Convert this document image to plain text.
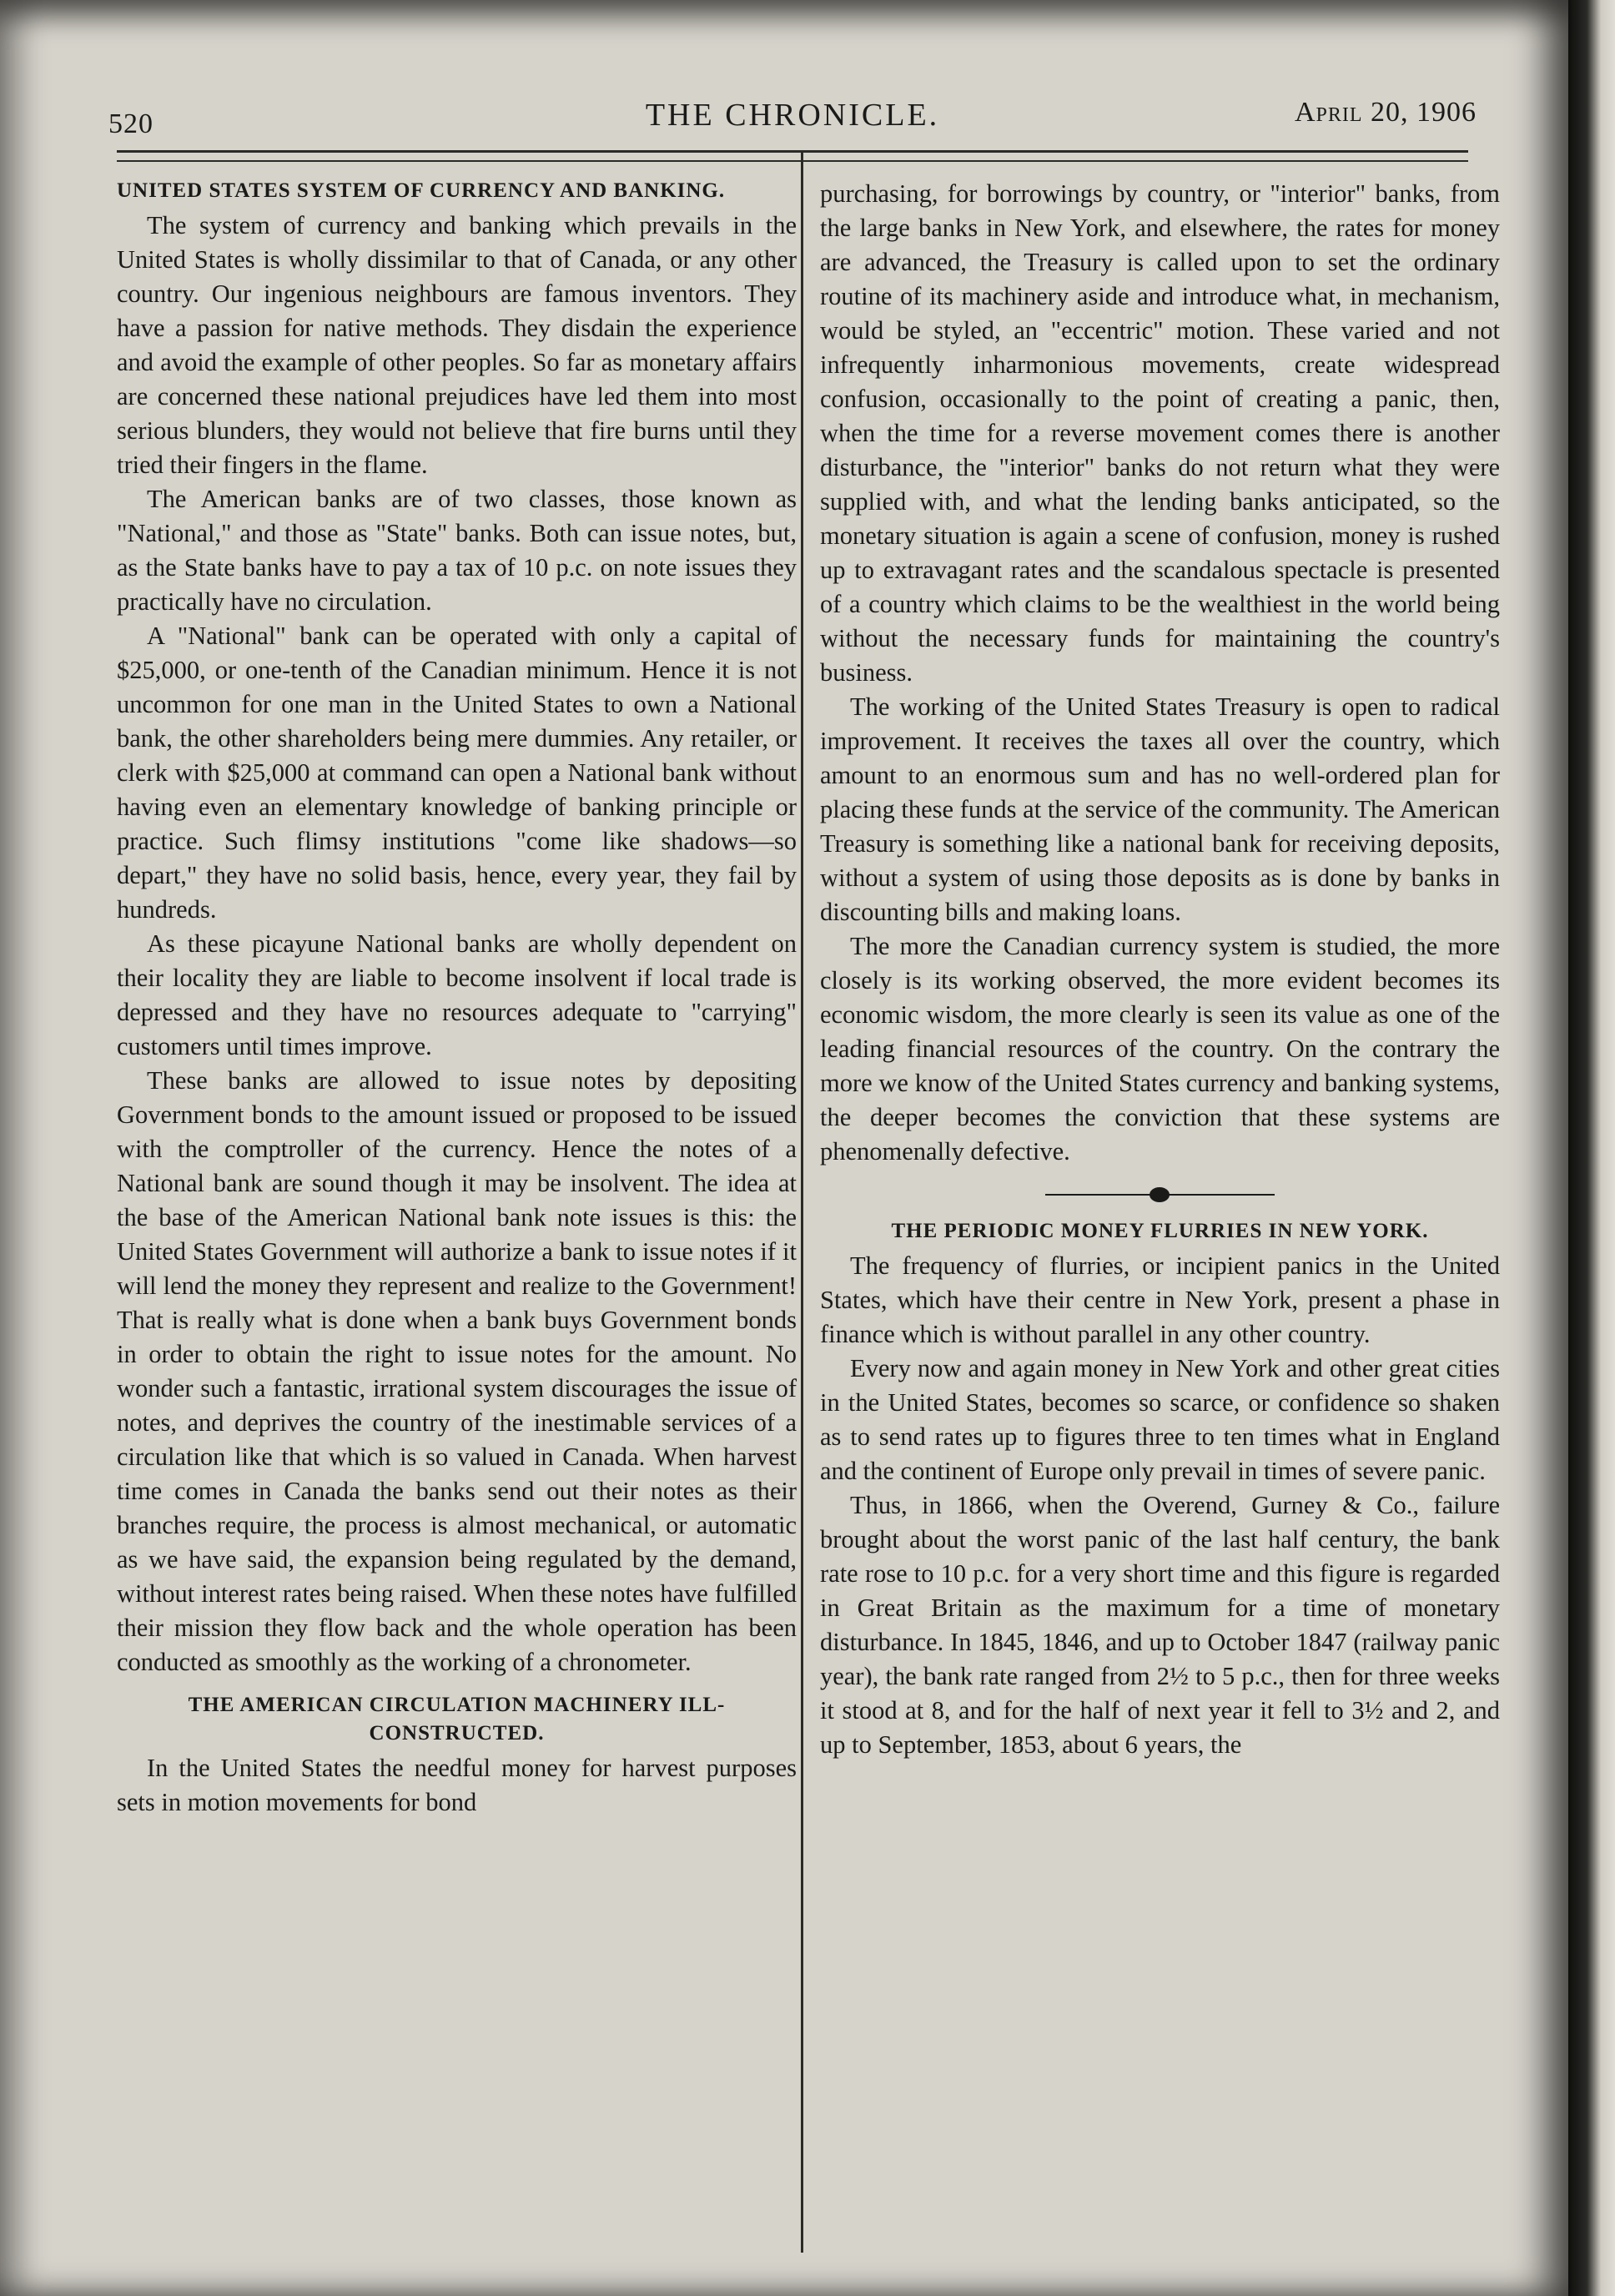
520	THE CHRONICLE.	April 20, 1906
UNITED STATES SYSTEM OF CURRENCY AND BANKING.

The system of currency and banking which prevails in the United States is wholly dissimilar to that of Canada, or any other country. Our ingenious neighbours are famous inventors. They have a passion for native methods. They disdain the experience and avoid the example of other peoples. So far as monetary affairs are concerned these national prejudices have led them into most serious blunders, they would not believe that fire burns until they tried their fingers in the flame.

The American banks are of two classes, those known as "National," and those as "State" banks. Both can issue notes, but, as the State banks have to pay a tax of 10 p.c. on note issues they practically have no circulation.

A "National" bank can be operated with only a capital of $25,000, or one-tenth of the Canadian minimum. Hence it is not uncommon for one man in the United States to own a National bank, the other shareholders being mere dummies. Any retailer, or clerk with $25,000 at command can open a National bank without having even an elementary knowledge of banking principle or practice. Such flimsy institutions "come like shadows—so depart," they have no solid basis, hence, every year, they fail by hundreds.

As these picayune National banks are wholly dependent on their locality they are liable to become insolvent if local trade is depressed and they have no resources adequate to "carrying" customers until times improve.

These banks are allowed to issue notes by depositing Government bonds to the amount issued or proposed to be issued with the comptroller of the currency. Hence the notes of a National bank are sound though it may be insolvent. The idea at the base of the American National bank note issues is this: the United States Government will authorize a bank to issue notes if it will lend the money they represent and realize to the Government! That is really what is done when a bank buys Government bonds in order to obtain the right to issue notes for the amount. No wonder such a fantastic, irrational system discourages the issue of notes, and deprives the country of the inestimable services of a circulation like that which is so valued in Canada. When harvest time comes in Canada the banks send out their notes as their branches require, the process is almost mechanical, or automatic as we have said, the expansion being regulated by the demand, without interest rates being raised. When these notes have fulfilled their mission they flow back and the whole operation has been conducted as smoothly as the working of a chronometer.

THE AMERICAN CIRCULATION MACHINERY ILL-CONSTRUCTED.

In the United States the needful money for harvest purposes sets in motion movements for bond

purchasing, for borrowings by country, or "interior" banks, from the large banks in New York, and elsewhere, the rates for money are advanced, the Treasury is called upon to set the ordinary routine of its machinery aside and introduce what, in mechanism, would be styled, an "eccentric" motion. These varied and not infrequently inharmonious movements, create widespread confusion, occasionally to the point of creating a panic, then, when the time for a reverse movement comes there is another disturbance, the "interior" banks do not return what they were supplied with, and what the lending banks anticipated, so the monetary situation is again a scene of confusion, money is rushed up to extravagant rates and the scandalous spectacle is presented of a country which claims to be the wealthiest in the world being without the necessary funds for maintaining the country's business.

The working of the United States Treasury is open to radical improvement. It receives the taxes all over the country, which amount to an enormous sum and has no well-ordered plan for placing these funds at the service of the community. The American Treasury is something like a national bank for receiving deposits, without a system of using those deposits as is done by banks in discounting bills and making loans.

The more the Canadian currency system is studied, the more closely is its working observed, the more evident becomes its economic wisdom, the more clearly is seen its value as one of the leading financial resources of the country. On the contrary the more we know of the United States currency and banking systems, the deeper becomes the conviction that these systems are phenomenally defective.

THE PERIODIC MONEY FLURRIES IN NEW YORK.

The frequency of flurries, or incipient panics in the United States, which have their centre in New York, present a phase in finance which is without parallel in any other country.

Every now and again money in New York and other great cities in the United States, becomes so scarce, or confidence so shaken as to send rates up to figures three to ten times what in England and the continent of Europe only prevail in times of severe panic.

Thus, in 1866, when the Overend, Gurney & Co., failure brought about the worst panic of the last half century, the bank rate rose to 10 p.c. for a very short time and this figure is regarded in Great Britain as the maximum for a time of monetary disturbance. In 1845, 1846, and up to October 1847 (railway panic year), the bank rate ranged from 2½ to 5 p.c., then for three weeks it stood at 8, and for the half of next year it fell to 3½ and 2, and up to September, 1853, about 6 years, the
